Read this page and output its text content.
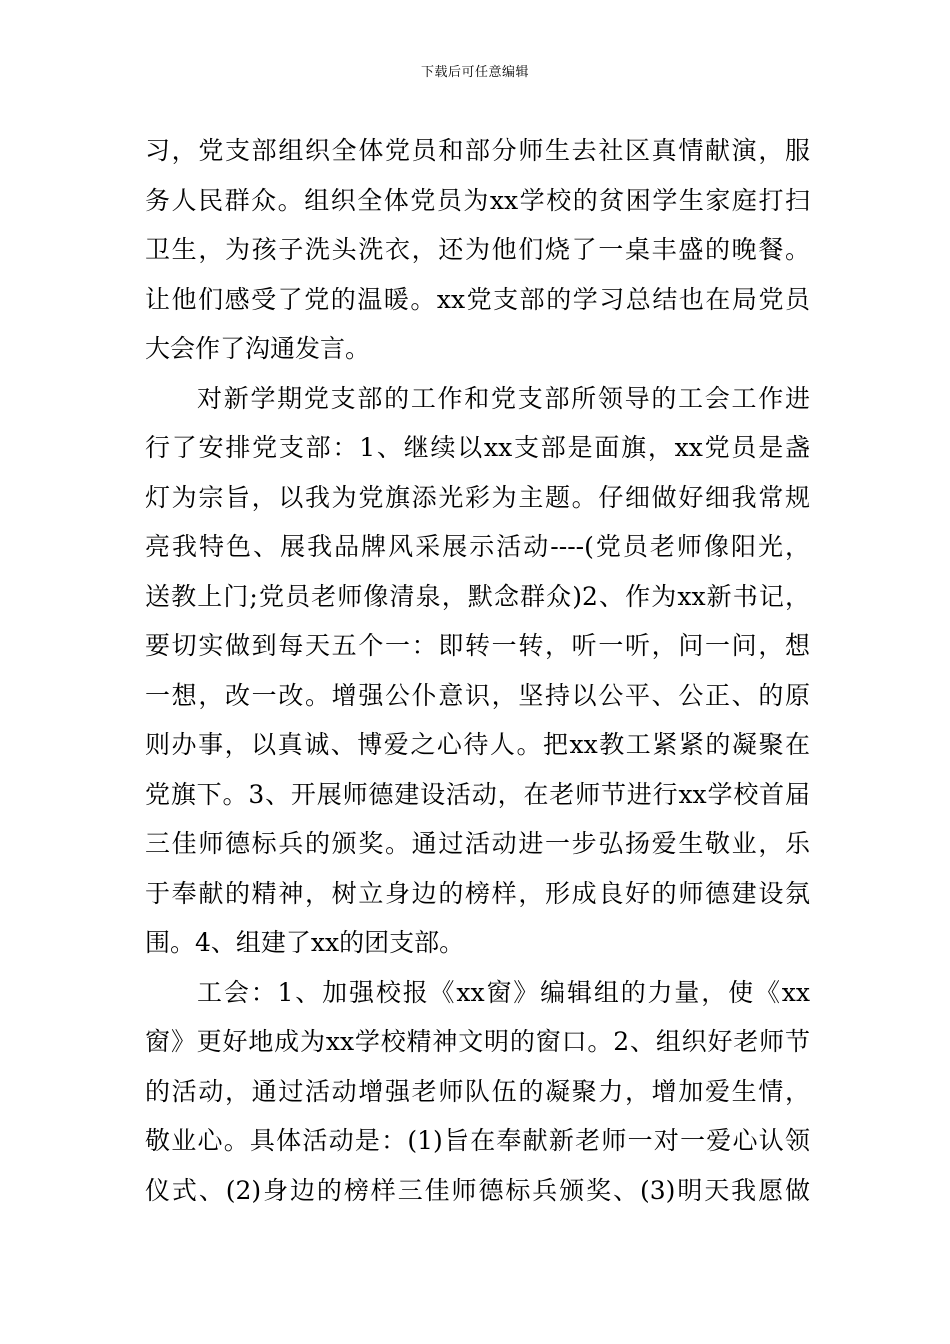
下载后可任意编辑
习，党支部组织全体党员和部分师生去社区真情献演，服
务人民群众。组织全体党员为xx学校的贫困学生家庭打扫
卫生，为孩子洗头洗衣，还为他们烧了一桌丰盛的晚餐。
让他们感受了党的温暖。xx党支部的学习总结也在局党员
大会作了沟通发言。
对新学期党支部的工作和党支部所领导的工会工作进
行了安排党支部：1、继续以xx支部是面旗，xx党员是盏
灯为宗旨，以我为党旗添光彩为主题。仔细做好细我常规
亮我特色、展我品牌风采展示活动----(党员老师像阳光，
送教上门;党员老师像清泉，默念群众)2、作为xx新书记，
要切实做到每天五个一：即转一转，听一听，问一问，想
一想，改一改。增强公仆意识，坚持以公平、公正、的原
则办事，以真诚、博爱之心待人。把xx教工紧紧的凝聚在
党旗下。3、开展师德建设活动，在老师节进行xx学校首届
三佳师德标兵的颁奖。通过活动进一步弘扬爱生敬业，乐
于奉献的精神，树立身边的榜样，形成良好的师德建设氛
围。4、组建了xx的团支部。
工会：1、加强校报《xx窗》编辑组的力量，使《xx
窗》更好地成为xx学校精神文明的窗口。2、组织好老师节
的活动，通过活动增强老师队伍的凝聚力，增加爱生情，
敬业心。具体活动是：(1)旨在奉献新老师一对一爱心认领
仪式、(2)身边的榜样三佳师德标兵颁奖、(3)明天我愿做
